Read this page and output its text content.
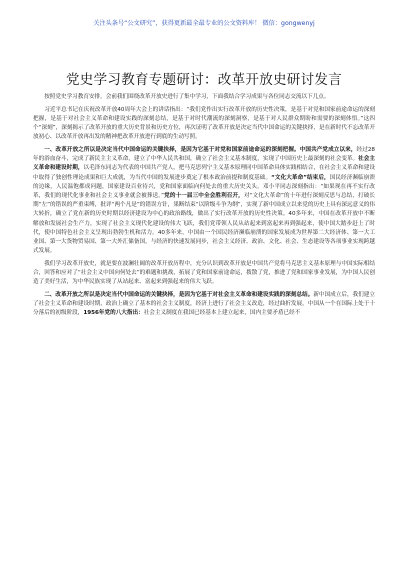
关注头条号“公文研究”，获得更新最全最专业的公文资料库！ 微信：gongwenyj
党史学习教育专题研讨：改革开放史研讨发言

按照党史学习教育安排，会前我们围绕改革开放史进行了集中学习，下面我结合学习成果与各位同志交流以下几点。

习近平总书记在庆祝改革开放40周年大会上的讲话指出：“我们党作出实行改革开放的历史性决策，是基于对党和国家前途命运的深刻把握，是基于对社会主义革命和建设实践的深刻总结，是基于对时代潮流的深刻洞察，是基于对人民群众期盼和需要的深刻体悟。”这四个“深刻”，深刻揭示了改革开放的重大历史背景和历史方位，再次证明了改革开放是决定当代中国命运的关键抉择，是在新时代不忘改革开放初心、以改革开放再出发的精神把改革开放进行到底的生动写照。

一、改革开放之所以是决定当代中国命运的关键抉择，是因为它基于对党和国家前途命运的深刻把握。中国共产党成立以来，经过28年的浴血奋斗，完成了新民主主义革命，建立了中华人民共和国，确立了社会主义基本制度，实现了中国历史上最深刻的社会变革。社会主义革命和建设时期，以毛泽东同志为代表的中国共产党人，把马克思列宁主义基本原理同中国革命具体实践相结合，在社会主义革命和建设中取得了独创性理论成果和巨大成就，为当代中国的发展进步奠定了根本政治前提和制度基础。“文化大革命”结束后，国民经济濒临崩溃的边缘，人民温饱都成问题，国家建设百业待兴，党和国家面临向何处去的重大历史关头。邓小平同志深刻指出：“如果现在再不实行改革，我们的现代化事业和社会主义事业就会被葬送。”党的十一届三中全会胜利召开，对“文化大革命”的十年进行深刻反思与总结，打破长期“左”的错误的严重束缚，批评“两个凡是”的错误方针，果断结束“以阶级斗争为纲”，实现了新中国成立以来党的历史上具有深远意义的伟大转折，确立了党在新的历史时期以经济建设为中心的政治路线，做出了实行改革开放的历史性决策。40多年来，中国在改革开放中不断解放和发展社会生产力，实现了社会主义现代化建设的伟大飞跃，我们党带领人民从站起来到富起来再到强起来，使中国大踏步赶上了时代，使中国特色社会主义呈现出勃勃生机和活力。40多年来，中国由一个国民经济濒临崩溃的国家发展成为世界第二大经济体、第一大工业国、第一大货物贸易国、第一大外汇储备国，与经济的快速发展同步，社会主义经济、政治、文化、社会、生态建设等各项事业实现跨越式发展。

我们学习改革开放史，就是要在波澜壮阔的改革开放历程中，充分认识到改革开放是中国共产党将马克思主义基本原理与中国实际相结合，回答和应对了“社会主义中国向何处去”的难题和挑战，拓展了党和国家前途命运，拨散了党，推进了党和国家事业发展，为中国人民创造了美好生活，为中华民族实现了从站起来、富起来到强起来的伟大飞跃。

二、改革开放之所以是决定当代中国命运的关键抉择，是因为它基于对社会主义革命和建设实践的深刻总结。新中国成立后，我们建立了社会主义革命和建设时期，政治上确立了基本的社会主义制度，经济上进行了社会主义改造，经过曲折发展，中国从一个在国际上处于十分落后的初级阶段，1956年党的八大指出：社会主义制度在我国已经基本上建立起来，国内主要矛盾已经不
